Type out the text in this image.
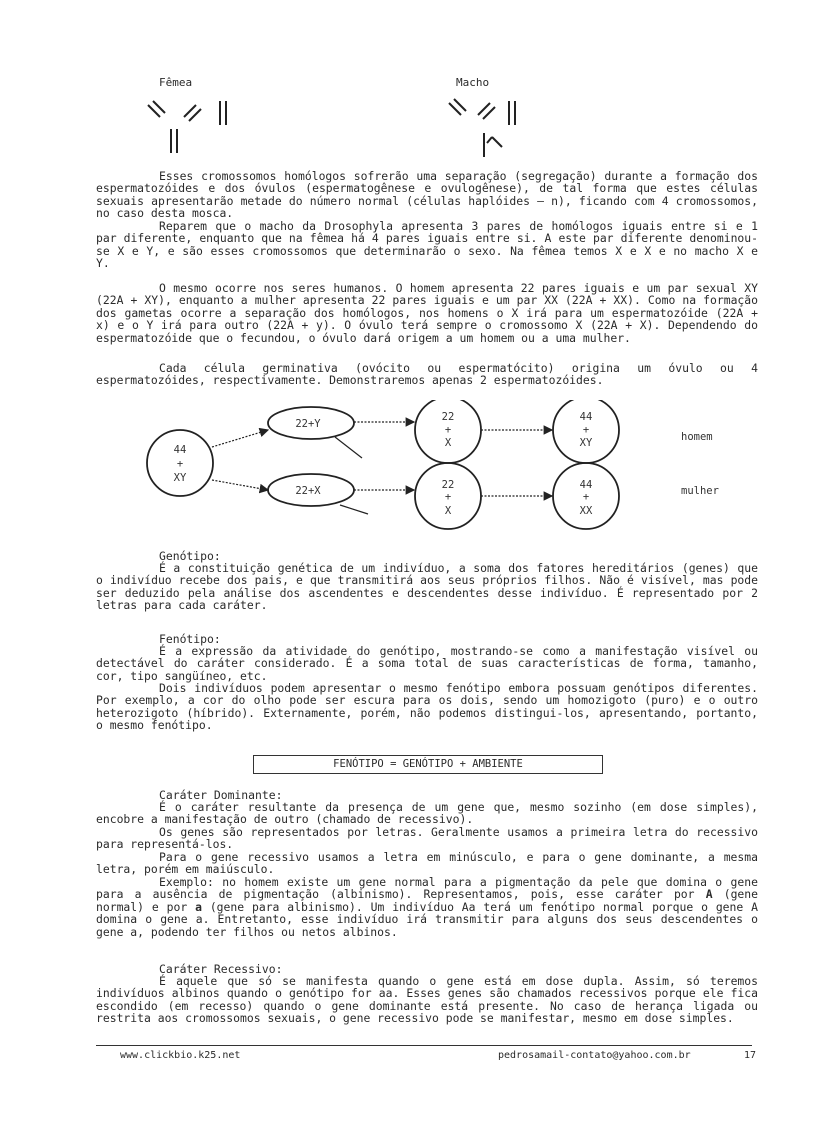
Fêmea	Macho

Esses cromossomos homólogos sofrerão uma separação (segregação) durante a formação dos espermatozóides e dos óvulos (espermatogênese e ovulogênese), de tal forma que estes células sexuais apresentarão metade do número normal (células haplóides – n), ficando com 4 cromossomos, no caso desta mosca.

Reparem que o macho da Drosophyla apresenta 3 pares de homólogos iguais entre si e 1 par diferente, enquanto que na fêmea há 4 pares iguais entre si. A este par diferente denominou-se X e Y, e são esses cromossomos que determinarão o sexo. Na fêmea temos X e X e no macho X e Y.

O mesmo ocorre nos seres humanos. O homem apresenta 22 pares iguais e um par sexual XY (22A + XY), enquanto a mulher apresenta 22 pares iguais e um par XX (22A + XX). Como na formação dos gametas ocorre a separação dos homólogos, nos homens o X irá para um espermatozóide (22A + x) e o Y irá para outro (22A + y). O óvulo terá sempre o cromossomo X (22A + X). Dependendo do espermatozóide que o fecundou, o óvulo dará origem a um homem ou a uma mulher.

Cada célula germinativa (ovócito ou espermatócito) origina um óvulo ou 4 espermatozóides, respectivamente. Demonstraremos apenas 2 espermatozóides.

44
+
XY
22+Y
22+X
22
+
X
22
+
X
44
+
XY
44
+
XX
homem
mulher

Genótipo:

É a constituição genética de um indivíduo, a soma dos fatores hereditários (genes) que o indivíduo recebe dos pais, e que transmitirá aos seus próprios filhos. Não é visível, mas pode ser deduzido pela análise dos ascendentes e descendentes desse indivíduo. É representado por 2 letras para cada caráter.

Fenótipo:

É a expressão da atividade do genótipo, mostrando-se como a manifestação visível ou detectável do caráter considerado. É a soma total de suas características de forma, tamanho, cor, tipo sangüíneo, etc.

Dois indivíduos podem apresentar o mesmo fenótipo embora possuam genótipos diferentes. Por exemplo, a cor do olho pode ser escura para os dois, sendo um homozigoto (puro) e o outro heterozigoto (híbrido). Externamente, porém, não podemos distingui-los, apresentando, portanto, o mesmo fenótipo.

FENÓTIPO = GENÓTIPO + AMBIENTE

Caráter Dominante:

É o caráter resultante da presença de um gene que, mesmo sozinho (em dose simples), encobre a manifestação de outro (chamado de recessivo).

Os genes são representados por letras. Geralmente usamos a primeira letra do recessivo para representá-los.

Para o gene recessivo usamos a letra em minúsculo, e para o gene dominante, a mesma letra, porém em maiúsculo.

Exemplo: no homem existe um gene normal para a pigmentação da pele que domina o gene para a ausência de pigmentação (albinismo). Representamos, pois, esse caráter por A (gene normal) e por a (gene para albinismo). Um indivíduo Aa terá um fenótipo normal porque o gene A domina o gene a. Entretanto, esse indivíduo irá transmitir para alguns dos seus descendentes o gene a, podendo ter filhos ou netos albinos.

Caráter Recessivo:

É aquele que só se manifesta quando o gene está em dose dupla. Assim, só teremos indivíduos albinos quando o genótipo for aa. Esses genes são chamados recessivos porque ele fica escondido (em recesso) quando o gene dominante está presente. No caso de herança ligada ou restrita aos cromossomos sexuais, o gene recessivo pode se manifestar, mesmo em dose simples.

www.clickbio.k25.net	pedrosamail-contato@yahoo.com.br	17
